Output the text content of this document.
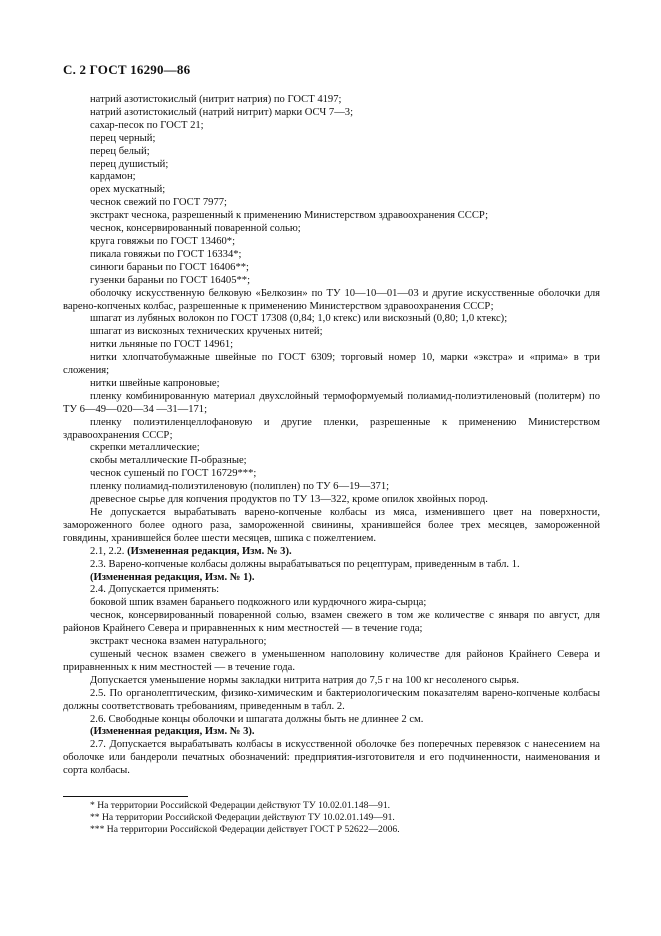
С. 2 ГОСТ 16290—86

натрий азотистокислый (нитрит натрия) по ГОСТ 4197;

натрий азотистокислый (натрий нитрит) марки ОСЧ 7—3;

сахар-песок по ГОСТ 21;

перец черный;

перец белый;

перец душистый;

кардамон;

орех мускатный;

чеснок свежий по ГОСТ 7977;

экстракт чеснока, разрешенный к применению Министерством здравоохранения СССР;

чеснок, консервированный поваренной солью;

круга говяжьи по ГОСТ 13460*;

пикала говяжьи по ГОСТ 16334*;

синюги бараньи по ГОСТ 16406**;

гузенки бараньи по ГОСТ 16405**;

оболочку искусственную белковую «Белкозин» по ТУ 10—10—01—03 и другие искусственные оболочки для варено-копченых колбас, разрешенные к применению Министерством здравоохранения СССР;

шпагат из лубяных волокон по ГОСТ 17308 (0,84; 1,0 ктекс) или вискозный (0,80; 1,0 ктекс);

шпагат из вискозных технических крученых нитей;

нитки льняные по ГОСТ 14961;

нитки хлопчатобумажные швейные по ГОСТ 6309; торговый номер 10, марки «экстра» и «прима» в три сложения;

нитки швейные капроновые;

пленку комбинированную материал двухслойный термоформуемый полиамид-полиэтиленовый (политерм) по ТУ 6—49—020—34 —31—171;

пленку полиэтиленцеллофановую и другие пленки, разрешенные к применению Министерством здравоохранения СССР;

скрепки металлические;

скобы металлические П-образные;

чеснок сушеный по ГОСТ 16729***;

пленку полиамид-полиэтиленовую (полиплен) по ТУ 6—19—371;

древесное сырье для копчения продуктов по ТУ 13—322, кроме опилок хвойных пород.

Не допускается вырабатывать варено-копченые колбасы из мяса, изменившего цвет на поверхности, замороженного более одного раза, замороженной свинины, хранившейся более трех месяцев, замороженной говядины, хранившейся более шести месяцев, шпика с пожелтением.

2.1, 2.2. (Измененная редакция, Изм. № 3).

2.3. Варено-копченые колбасы должны вырабатываться по рецептурам, приведенным в табл. 1.

(Измененная редакция, Изм. № 1).

2.4. Допускается применять:

боковой шпик взамен бараньего подкожного или курдючного жира-сырца;

чеснок, консервированный поваренной солью, взамен свежего в том же количестве с января по август, для районов Крайнего Севера и приравненных к ним местностей — в течение года;

экстракт чеснока взамен натурального;

сушеный чеснок взамен свежего в уменьшенном наполовину количестве для районов Крайнего Севера и приравненных к ним местностей — в течение года.

Допускается уменьшение нормы закладки нитрита натрия до 7,5 г на 100 кг несоленого сырья.

2.5. По органолептическим, физико-химическим и бактериологическим показателям варено-копченые колбасы должны соответствовать требованиям, приведенным в табл. 2.

2.6. Свободные концы оболочки и шпагата должны быть не длиннее 2 см.

(Измененная редакция, Изм. № 3).

2.7. Допускается вырабатывать колбасы в искусственной оболочке без поперечных перевязок с нанесением на оболочке или бандероли печатных обозначений: предприятия-изготовителя и его подчиненности, наименования и сорта колбасы.

* На территории Российской Федерации действуют ТУ 10.02.01.148—91.

** На территории Российской Федерации действуют ТУ 10.02.01.149—91.

*** На территории Российской Федерации действует ГОСТ Р 52622—2006.
